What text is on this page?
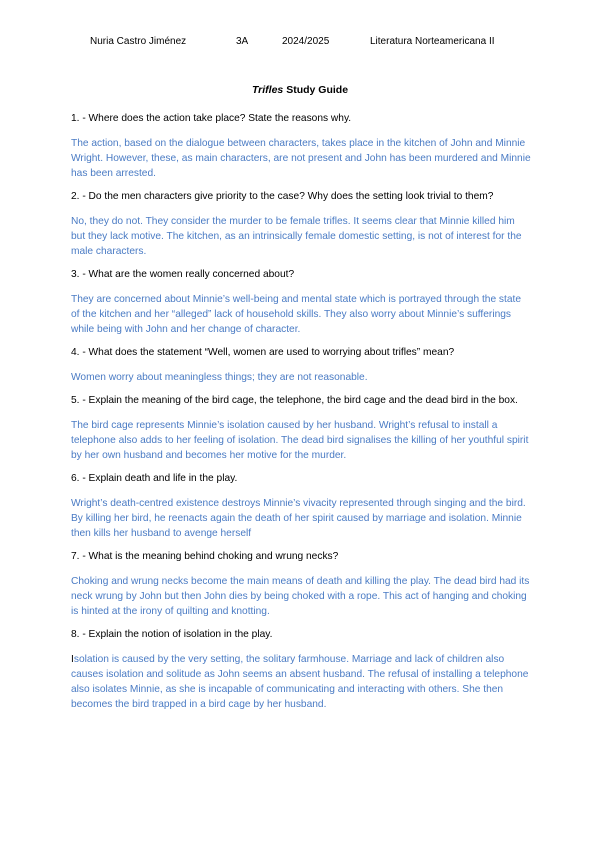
Nuria Castro Jiménez	3A	2024/2025	Literatura Norteamericana II
Trifles Study Guide

1. - Where does the action take place? State the reasons why.

The action, based on the dialogue between characters, takes place in the kitchen of John and Minnie Wright. However, these, as main characters, are not present and John has been murdered and Minnie has been arrested.

2. - Do the men characters give priority to the case? Why does the setting look trivial to them?

No, they do not. They consider the murder to be female trifles. It seems clear that Minnie killed him but they lack motive. The kitchen, as an intrinsically female domestic setting, is not of interest for the male characters.

3. - What are the women really concerned about?

They are concerned about Minnie’s well-being and mental state which is portrayed through the state of the kitchen and her “alleged” lack of household skills. They also worry about Minnie’s sufferings while being with John and her change of character.

4. - What does the statement “Well, women are used to worrying about trifles” mean?

Women worry about meaningless things; they are not reasonable.

5. - Explain the meaning of the bird cage, the telephone, the bird cage and the dead bird in the box.

The bird cage represents Minnie’s isolation caused by her husband. Wright’s refusal to install a telephone also adds to her feeling of isolation. The dead bird signalises the killing of her youthful spirit by her own husband and becomes her motive for the murder.

6. - Explain death and life in the play.

Wright’s death-centred existence destroys Minnie’s vivacity represented through singing and the bird. By killing her bird, he reenacts again the death of her spirit caused by marriage and isolation. Minnie then kills her husband to avenge herself

7. - What is the meaning behind choking and wrung necks?

Choking and wrung necks become the main means of death and killing the play. The dead bird had its neck wrung by John but then John dies by being choked with a rope. This act of hanging and choking is hinted at the irony of quilting and knotting.

8. - Explain the notion of isolation in the play.

Isolation is caused by the very setting, the solitary farmhouse. Marriage and lack of children also causes isolation and solitude as John seems an absent husband. The refusal of installing a telephone also isolates Minnie, as she is incapable of communicating and interacting with others. She then becomes the bird trapped in a bird cage by her husband.
